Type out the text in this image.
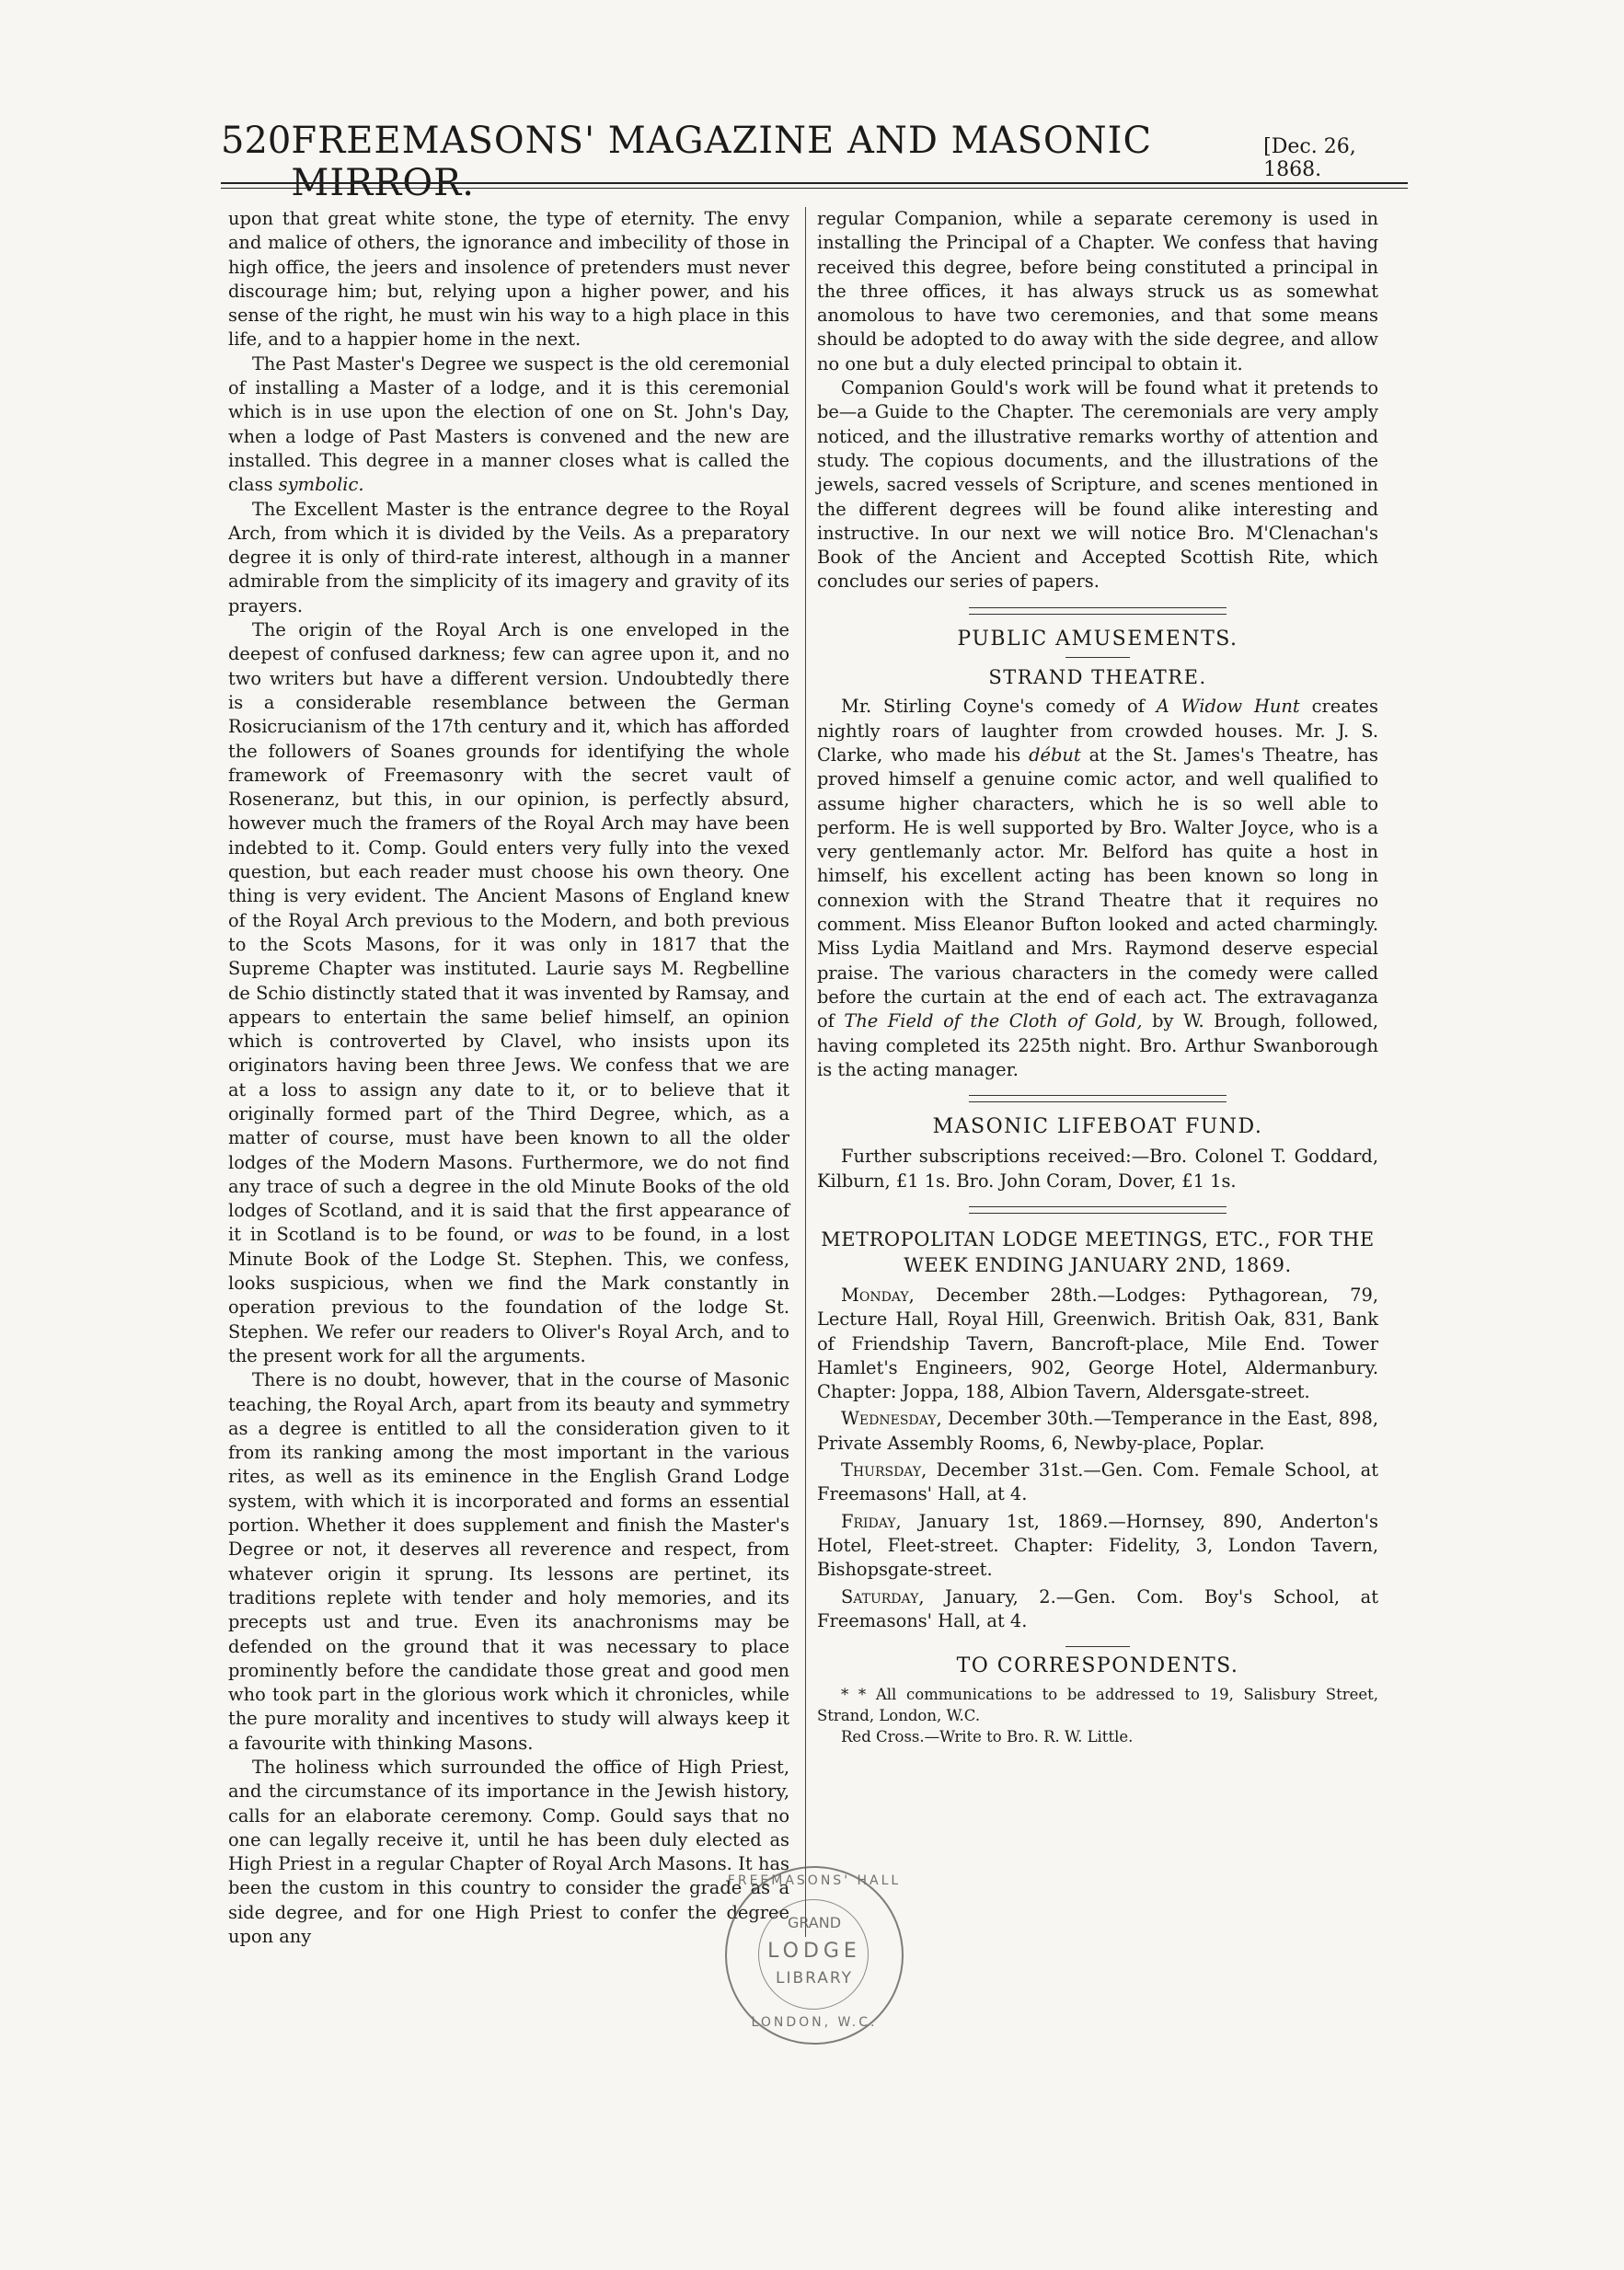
520 FREEMASONS' MAGAZINE AND MASONIC MIRROR.
[Dec. 26, 1868.

upon that great white stone, the type of eternity. The envy and malice of others, the ignorance and imbecility of those in high office, the jeers and insolence of pretenders must never discourage him; but, relying upon a higher power, and his sense of the right, he must win his way to a high place in this life, and to a happier home in the next.

The Past Master's Degree we suspect is the old ceremonial of installing a Master of a lodge, and it is this ceremonial which is in use upon the election of one on St. John's Day, when a lodge of Past Masters is convened and the new are installed. This degree in a manner closes what is called the class symbolic.

The Excellent Master is the entrance degree to the Royal Arch, from which it is divided by the Veils. As a preparatory degree it is only of third-rate interest, although in a manner admirable from the simplicity of its imagery and gravity of its prayers.

The origin of the Royal Arch is one enveloped in the deepest of confused darkness; few can agree upon it, and no two writers but have a different version. Undoubtedly there is a considerable resemblance between the German Rosicrucianism of the 17th century and it, which has afforded the followers of Soanes grounds for identifying the whole framework of Freemasonry with the secret vault of Roseneranz, but this, in our opinion, is perfectly absurd, however much the framers of the Royal Arch may have been indebted to it. Comp. Gould enters very fully into the vexed question, but each reader must choose his own theory. One thing is very evident. The Ancient Masons of England knew of the Royal Arch previous to the Modern, and both previous to the Scots Masons, for it was only in 1817 that the Supreme Chapter was instituted. Laurie says M. Regbelline de Schio distinctly stated that it was invented by Ramsay, and appears to entertain the same belief himself, an opinion which is controverted by Clavel, who insists upon its originators having been three Jews. We confess that we are at a loss to assign any date to it, or to believe that it originally formed part of the Third Degree, which, as a matter of course, must have been known to all the older lodges of the Modern Masons. Furthermore, we do not find any trace of such a degree in the old Minute Books of the old lodges of Scotland, and it is said that the first appearance of it in Scotland is to be found, or was to be found, in a lost Minute Book of the Lodge St. Stephen. This, we confess, looks suspicious, when we find the Mark constantly in operation previous to the foundation of the lodge St. Stephen. We refer our readers to Oliver's Royal Arch, and to the present work for all the arguments.

There is no doubt, however, that in the course of Masonic teaching, the Royal Arch, apart from its beauty and symmetry as a degree is entitled to all the consideration given to it from its ranking among the most important in the various rites, as well as its eminence in the English Grand Lodge system, with which it is incorporated and forms an essential portion. Whether it does supplement and finish the Master's Degree or not, it deserves all reverence and respect, from whatever origin it sprung. Its lessons are pertinet, its traditions replete with tender and holy memories, and its precepts ust and true. Even its anachronisms may be defended on the ground that it was necessary to place prominently before the candidate those great and good men who took part in the glorious work which it chronicles, while the pure morality and incentives to study will always keep it a favourite with thinking Masons.

The holiness which surrounded the office of High Priest, and the circumstance of its importance in the Jewish history, calls for an elaborate ceremony. Comp. Gould says that no one can legally receive it, until he has been duly elected as High Priest in a regular Chapter of Royal Arch Masons. It has been the custom in this country to consider the grade as a side degree, and for one High Priest to confer the degree upon any

regular Companion, while a separate ceremony is used in installing the Principal of a Chapter. We confess that having received this degree, before being constituted a principal in the three offices, it has always struck us as somewhat anomolous to have two ceremonies, and that some means should be adopted to do away with the side degree, and allow no one but a duly elected principal to obtain it.

Companion Gould's work will be found what it pretends to be—a Guide to the Chapter. The ceremonials are very amply noticed, and the illustrative remarks worthy of attention and study. The copious documents, and the illustrations of the jewels, sacred vessels of Scripture, and scenes mentioned in the different degrees will be found alike interesting and instructive. In our next we will notice Bro. M'Clenachan's Book of the Ancient and Accepted Scottish Rite, which concludes our series of papers.

PUBLIC AMUSEMENTS.
STRAND THEATRE.

Mr. Stirling Coyne's comedy of A Widow Hunt creates nightly roars of laughter from crowded houses. Mr. J. S. Clarke, who made his début at the St. James's Theatre, has proved himself a genuine comic actor, and well qualified to assume higher characters, which he is so well able to perform. He is well supported by Bro. Walter Joyce, who is a very gentlemanly actor. Mr. Belford has quite a host in himself, his excellent acting has been known so long in connexion with the Strand Theatre that it requires no comment. Miss Eleanor Bufton looked and acted charmingly. Miss Lydia Maitland and Mrs. Raymond deserve especial praise. The various characters in the comedy were called before the curtain at the end of each act. The extravaganza of The Field of the Cloth of Gold, by W. Brough, followed, having completed its 225th night. Bro. Arthur Swanborough is the acting manager.

MASONIC LIFEBOAT FUND.

Further subscriptions received:—Bro. Colonel T. Goddard, Kilburn, £1 1s. Bro. John Coram, Dover, £1 1s.

METROPOLITAN LODGE MEETINGS, ETC., FOR THE WEEK ENDING JANUARY 2ND, 1869.

Monday, December 28th.—Lodges: Pythagorean, 79, Lecture Hall, Royal Hill, Greenwich. British Oak, 831, Bank of Friendship Tavern, Bancroft-place, Mile End. Tower Hamlet's Engineers, 902, George Hotel, Aldermanbury. Chapter: Joppa, 188, Albion Tavern, Aldersgate-street.

Wednesday, December 30th.—Temperance in the East, 898, Private Assembly Rooms, 6, Newby-place, Poplar.

Thursday, December 31st.—Gen. Com. Female School, at Freemasons' Hall, at 4.

Friday, January 1st, 1869.—Hornsey, 890, Anderton's Hotel, Fleet-street. Chapter: Fidelity, 3, London Tavern, Bishopsgate-street.

Saturday, January, 2.—Gen. Com. Boy's School, at Freemasons' Hall, at 4.

TO CORRESPONDENTS.

* * All communications to be addressed to 19, Salisbury Street, Strand, London, W.C.

Red Cross.—Write to Bro. R. W. Little.

FREEMASONS' HALL
GRAND
LODGE
LIBRARY
LONDON, W.C.
